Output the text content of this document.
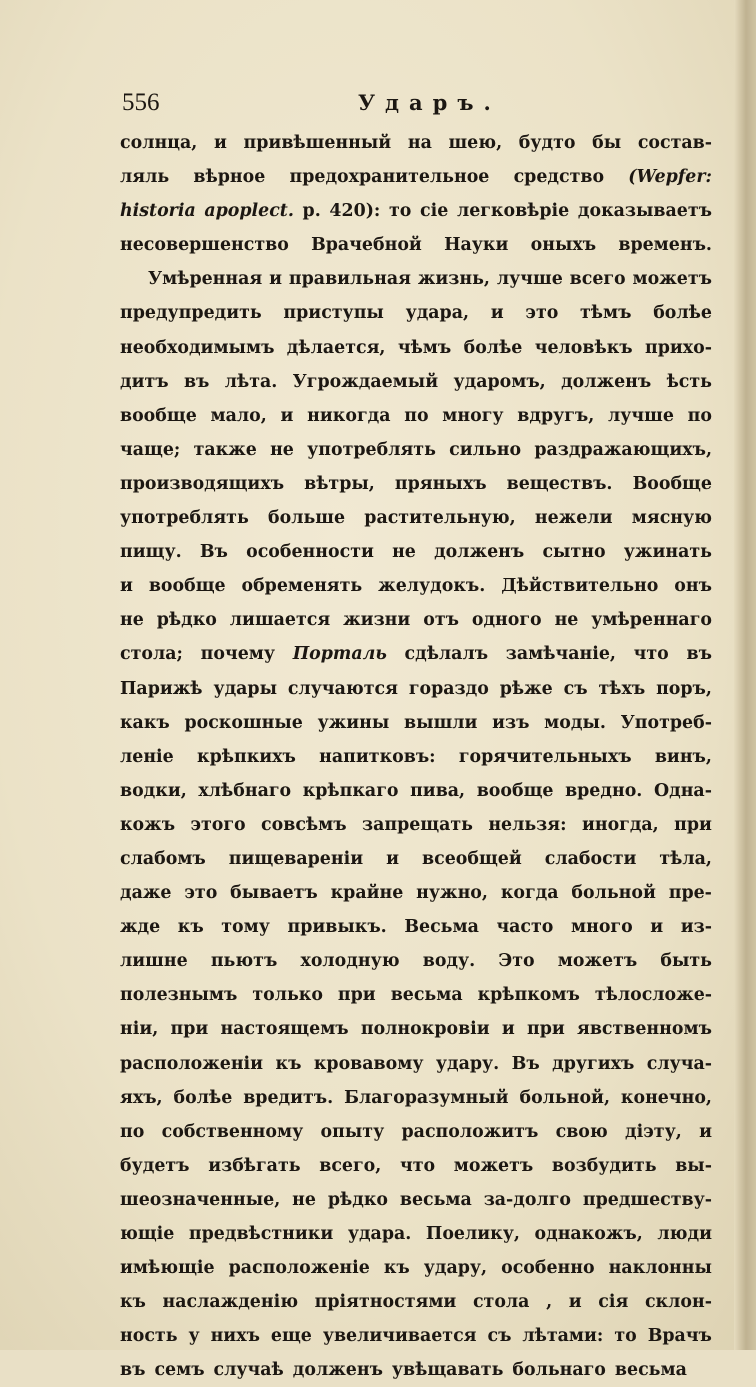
556	Ударъ.
солнца, и привѣшенный на шею, будто бы состав-
ляль вѣрное предохранительное средство (Wepfer:
historia apoplect. p. 420): то сіе легковѣріе доказываетъ
несовершенство Врачебной Науки оныхъ временъ.
Умѣренная и правильная жизнь, лучше всего можетъ
предупредить приступы удара, и это тѣмъ болѣе
необходимымъ дѣлается, чѣмъ болѣе человѣкъ прихо-
дитъ въ лѣта. Угрождаемый ударомъ, долженъ ѣсть
вообще мало, и никогда по многу вдругъ, лучше по
чаще; также не употреблять сильно раздражающихъ,
производящихъ вѣтры, пряныхъ веществъ. Вообще
употреблять больше растительную, нежели мясную
пищу. Въ особенности не долженъ сытно ужинать
и вообще обременять желудокъ. Дѣйствительно онъ
не рѣдко лишается жизни отъ одного не умѣреннаго
стола; почему Порталь сдѣлалъ замѣчаніе, что въ
Парижѣ удары случаются гораздо рѣже съ тѣхъ поръ,
какъ роскошные ужины вышли изъ моды. Употреб-
леніе крѣпкихъ напитковъ: горячительныхъ винъ,
водки, хлѣбнаго крѣпкаго пива, вообще вредно. Одна-
кожъ этого совсѣмъ запрещать нельзя: иногда, при
слабомъ пищевареніи и всеобщей слабости тѣла,
даже это бываетъ крайне нужно, когда больной пре-
жде къ тому привыкъ. Весьма часто много и из-
лишне пьютъ холодную воду. Это можетъ быть
полезнымъ только при весьма крѣпкомъ тѣлосложе-
ніи, при настоящемъ полнокровіи и при явственномъ
расположеніи къ кровавому удару. Въ другихъ случа-
яхъ, болѣе вредитъ. Благоразумный больной, конечно,
по собственному опыту расположитъ свою діэту, и
будетъ избѣгать всего, что можетъ возбудить вы-
шеозначенные, не рѣдко весьма за-долго предшеству-
ющіе предвѣстники удара. Поелику, однакожъ, люди
имѣющіе расположеніе къ удару, особенно наклонны
къ наслажденію пріятностями стола , и сія склон-
ность у нихъ еще увеличивается съ лѣтами: то Врачъ
въ семъ случаѣ долженъ увѣщавать больнаго весьма
